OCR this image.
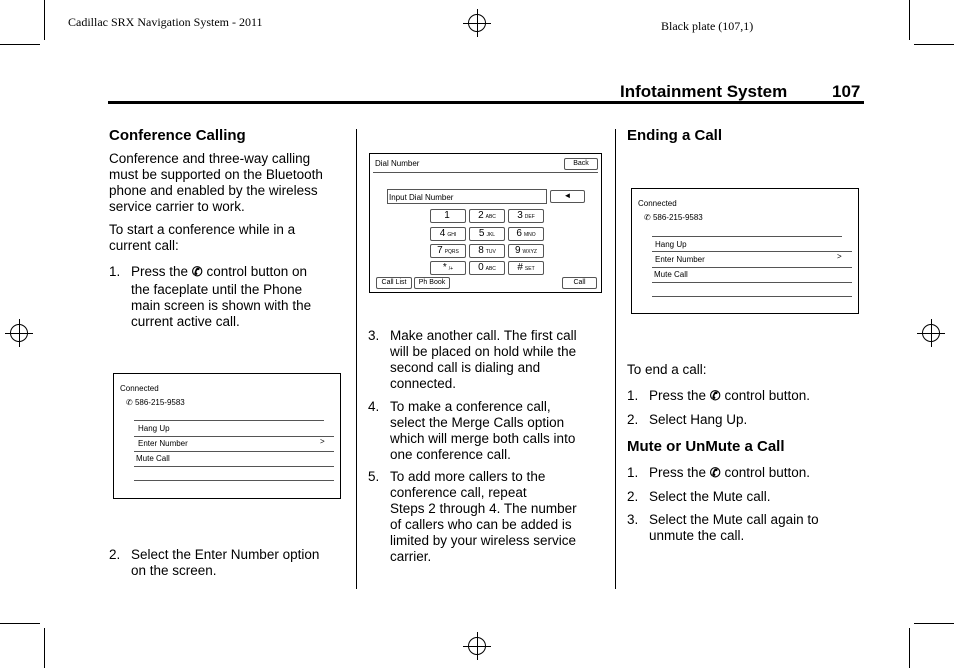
Cadillac SRX Navigation System - 2011	Black plate (107,1)
Infotainment System	107
Conference Calling
Conference and three-way calling
must be supported on the Bluetooth
phone and enabled by the wireless
service carrier to work.
To start a conference while in a
current call:
1. Press the ✆ control button on
the faceplate until the Phone
main screen is shown with the
current active call.
Connected
✆ 586-215-9583
Hang Up
Enter Number	>
Mute Call
2. Select the Enter Number option
on the screen.
Dial Number	Back
Input Dial Number	◄
1	2 ABC	3 DEF
4 GHI	5 JKL	6 MNO
7 PQRS	8 TUV	9 WXYZ
* /+	0 ABC	# SET
Call List	Ph Book	Call
3. Make another call. The first call
will be placed on hold while the
second call is dialing and
connected.
4. To make a conference call,
select the Merge Calls option
which will merge both calls into
one conference call.
5. To add more callers to the
conference call, repeat
Steps 2 through 4. The number
of callers who can be added is
limited by your wireless service
carrier.
Ending a Call
Connected
✆ 586-215-9583
Hang Up
Enter Number	>
Mute Call
To end a call:
1. Press the ✆ control button.
2. Select Hang Up.
Mute or UnMute a Call
1. Press the ✆ control button.
2. Select the Mute call.
3. Select the Mute call again to
unmute the call.
